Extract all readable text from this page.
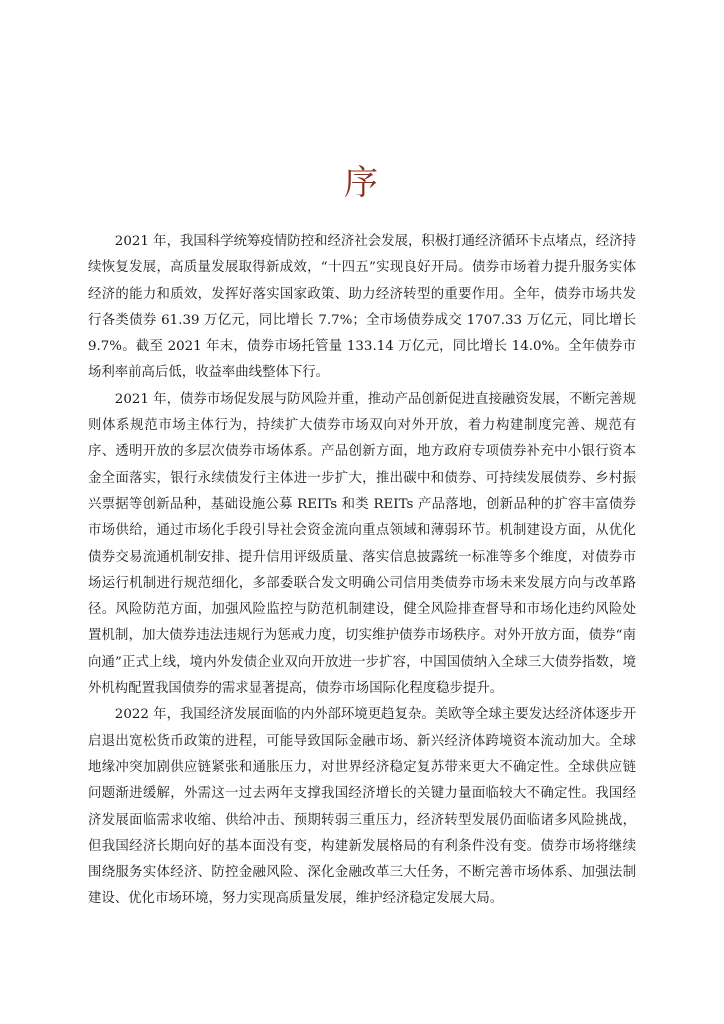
序

2021 年，我国科学统筹疫情防控和经济社会发展，积极打通经济循环卡点堵点，经济持续恢复发展，高质量发展取得新成效，“十四五”实现良好开局。债券市场着力提升服务实体经济的能力和质效，发挥好落实国家政策、助力经济转型的重要作用。全年，债券市场共发行各类债券 61.39 万亿元，同比增长 7.7%；全市场债券成交 1707.33 万亿元，同比增长 9.7%。截至 2021 年末，债券市场托管量 133.14 万亿元，同比增长 14.0%。全年债券市场利率前高后低，收益率曲线整体下行。

2021 年，债券市场促发展与防风险并重，推动产品创新促进直接融资发展，不断完善规则体系规范市场主体行为，持续扩大债券市场双向对外开放，着力构建制度完善、规范有序、透明开放的多层次债券市场体系。产品创新方面，地方政府专项债券补充中小银行资本金全面落实，银行永续债发行主体进一步扩大，推出碳中和债券、可持续发展债券、乡村振兴票据等创新品种，基础设施公募 REITs 和类 REITs 产品落地，创新品种的扩容丰富债券市场供给，通过市场化手段引导社会资金流向重点领域和薄弱环节。机制建设方面，从优化债券交易流通机制安排、提升信用评级质量、落实信息披露统一标准等多个维度，对债券市场运行机制进行规范细化，多部委联合发文明确公司信用类债券市场未来发展方向与改革路径。风险防范方面，加强风险监控与防范机制建设，健全风险排查督导和市场化违约风险处置机制，加大债券违法违规行为惩戒力度，切实维护债券市场秩序。对外开放方面，债券“南向通”正式上线，境内外发债企业双向开放进一步扩容，中国国债纳入全球三大债券指数，境外机构配置我国债券的需求显著提高，债券市场国际化程度稳步提升。

2022 年，我国经济发展面临的内外部环境更趋复杂。美欧等全球主要发达经济体逐步开启退出宽松货币政策的进程，可能导致国际金融市场、新兴经济体跨境资本流动加大。全球地缘冲突加剧供应链紧张和通胀压力，对世界经济稳定复苏带来更大不确定性。全球供应链问题渐进缓解，外需这一过去两年支撑我国经济增长的关键力量面临较大不确定性。我国经济发展面临需求收缩、供给冲击、预期转弱三重压力，经济转型发展仍面临诸多风险挑战，但我国经济长期向好的基本面没有变，构建新发展格局的有利条件没有变。债券市场将继续围绕服务实体经济、防控金融风险、深化金融改革三大任务，不断完善市场体系、加强法制建设、优化市场环境，努力实现高质量发展，维护经济稳定发展大局。
